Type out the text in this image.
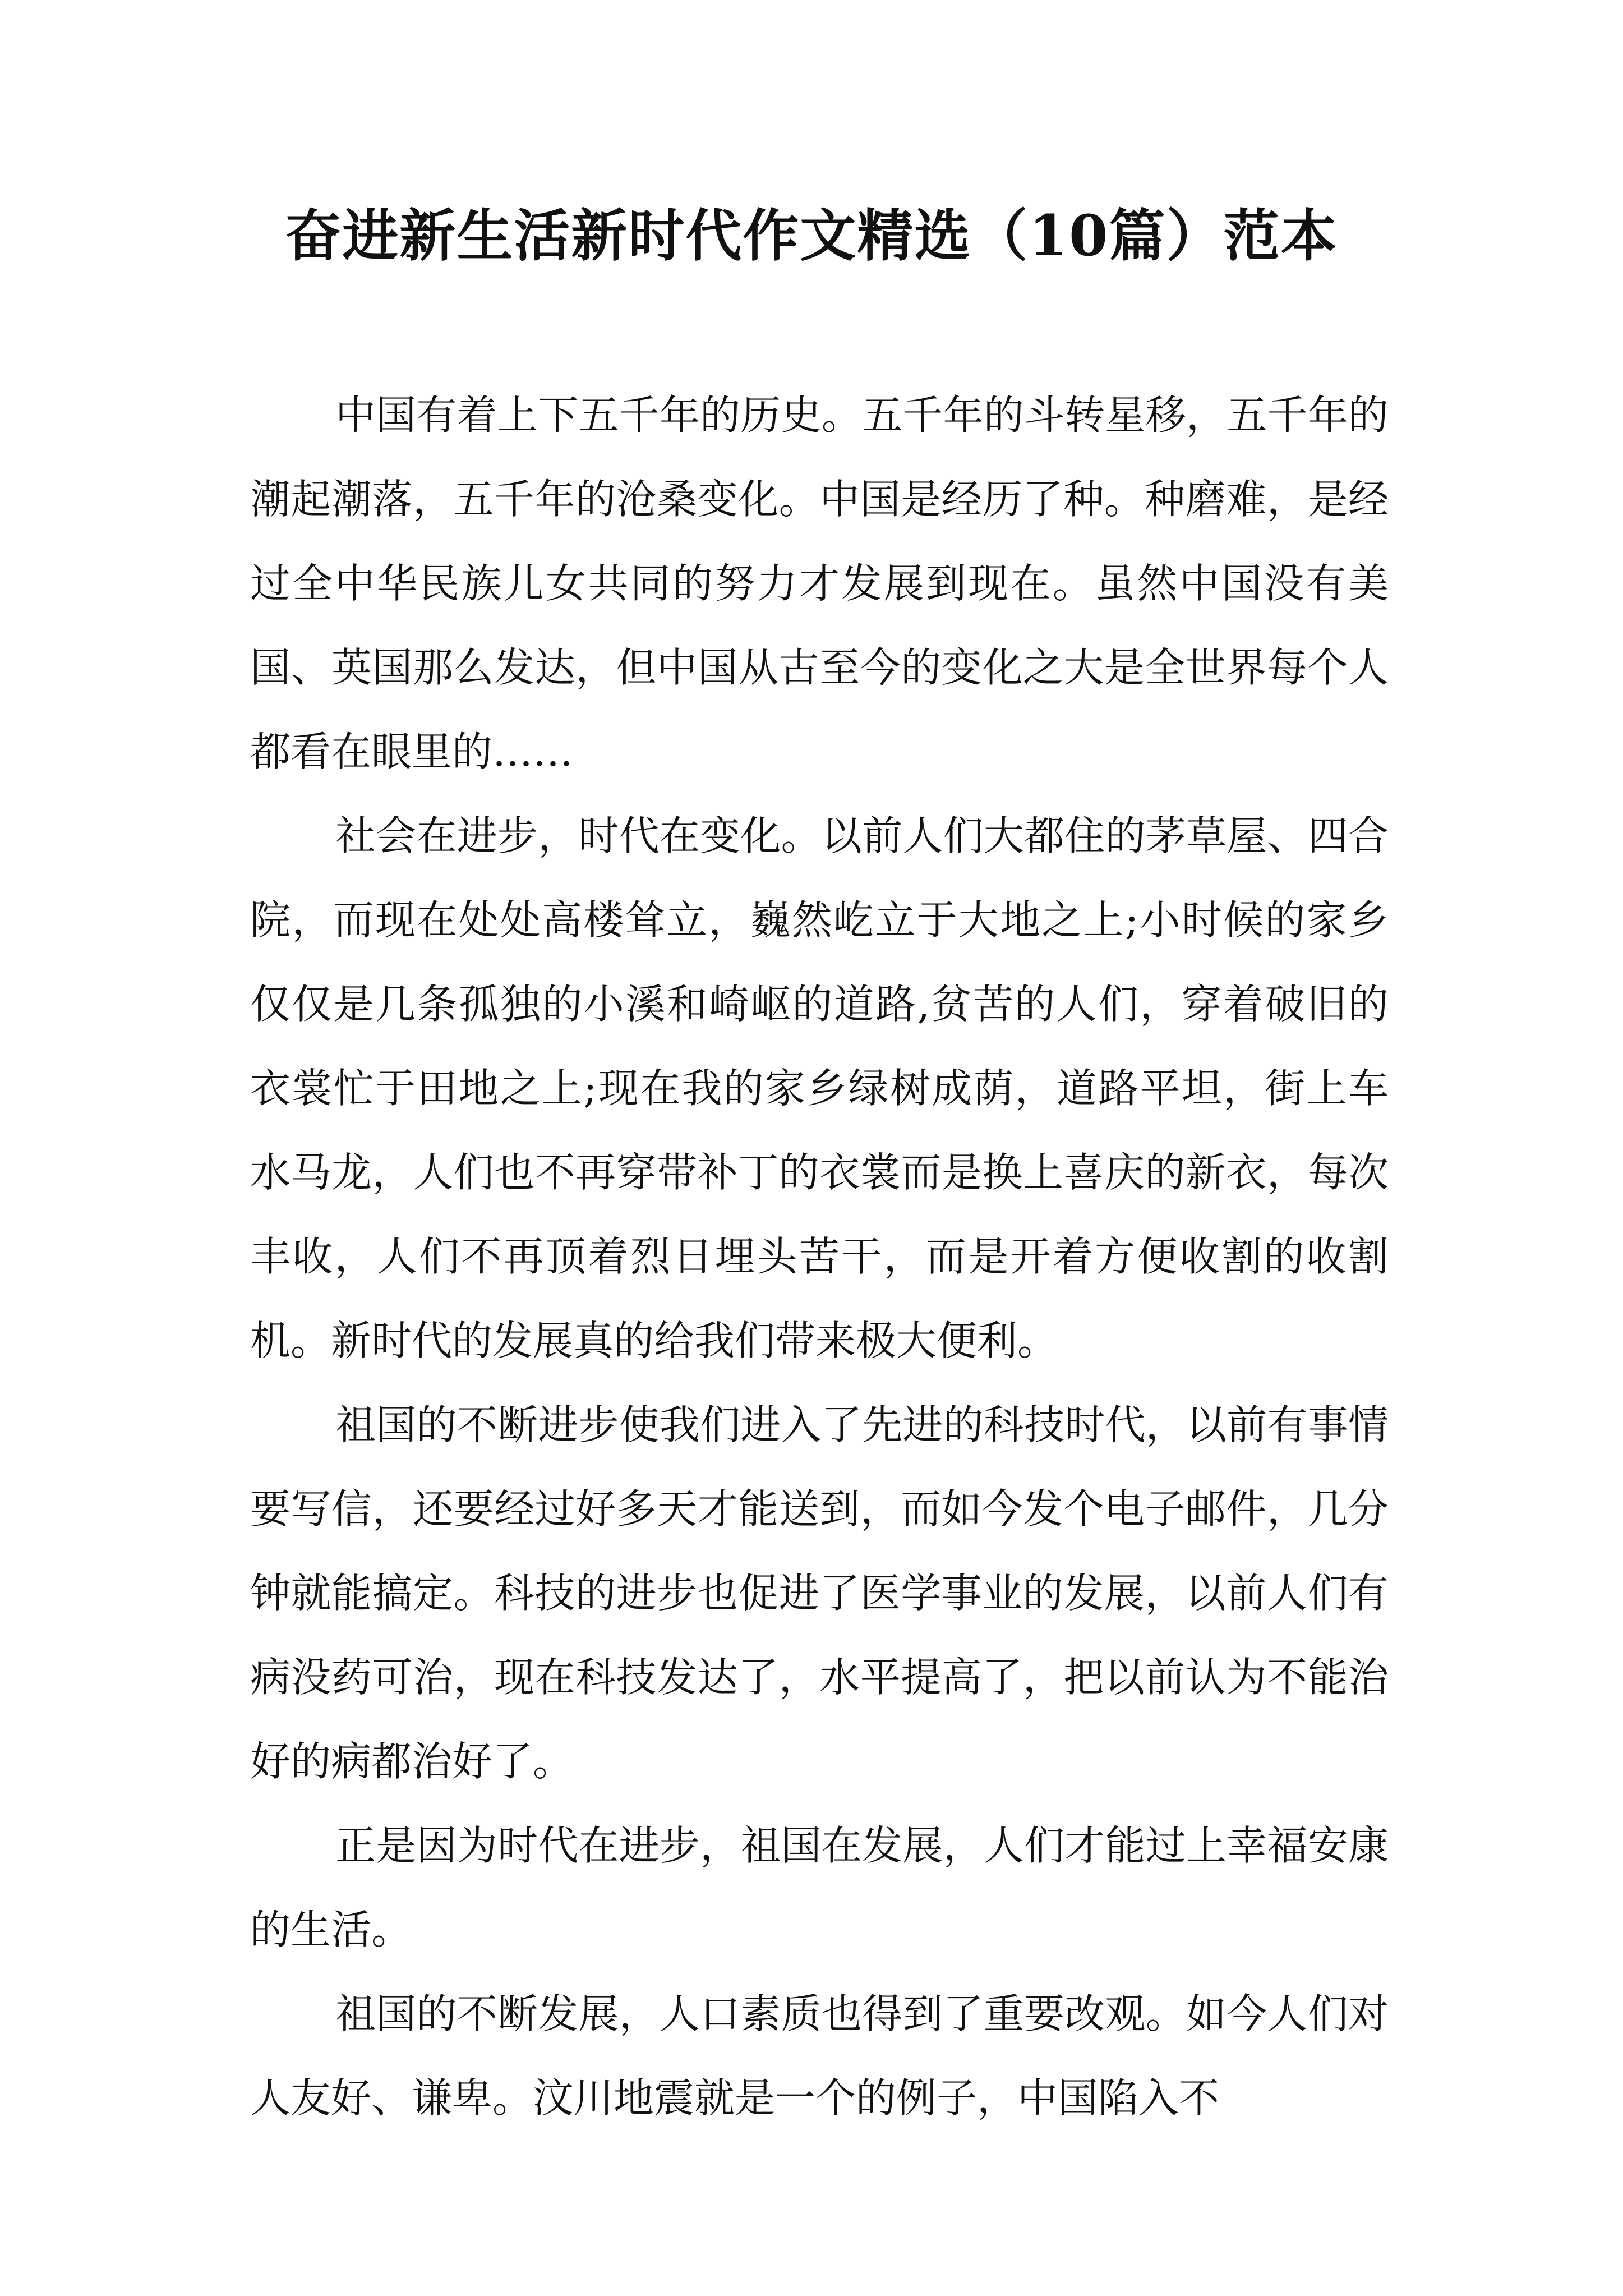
奋进新生活新时代作文精选（10篇）范本

中国有着上下五千年的历史。五千年的斗转星移，五千年的潮起潮落，五千年的沧桑变化。中国是经历了种。种磨难，是经过全中华民族儿女共同的努力才发展到现在。虽然中国没有美国、英国那么发达，但中国从古至今的变化之大是全世界每个人都看在眼里的……

社会在进步，时代在变化。以前人们大都住的茅草屋、四合院，而现在处处高楼耸立，巍然屹立于大地之上;小时候的家乡仅仅是几条孤独的小溪和崎岖的道路,贫苦的人们，穿着破旧的衣裳忙于田地之上;现在我的家乡绿树成荫，道路平坦，街上车水马龙，人们也不再穿带补丁的衣裳而是换上喜庆的新衣，每次丰收，人们不再顶着烈日埋头苦干，而是开着方便收割的收割机。新时代的发展真的给我们带来极大便利。

祖国的不断进步使我们进入了先进的科技时代，以前有事情要写信，还要经过好多天才能送到，而如今发个电子邮件，几分钟就能搞定。科技的进步也促进了医学事业的发展，以前人们有病没药可治，现在科技发达了，水平提高了，把以前认为不能治好的病都治好了。

正是因为时代在进步，祖国在发展，人们才能过上幸福安康的生活。

祖国的不断发展，人口素质也得到了重要改观。如今人们对人友好、谦卑。汶川地震就是一个的例子，中国陷入不
